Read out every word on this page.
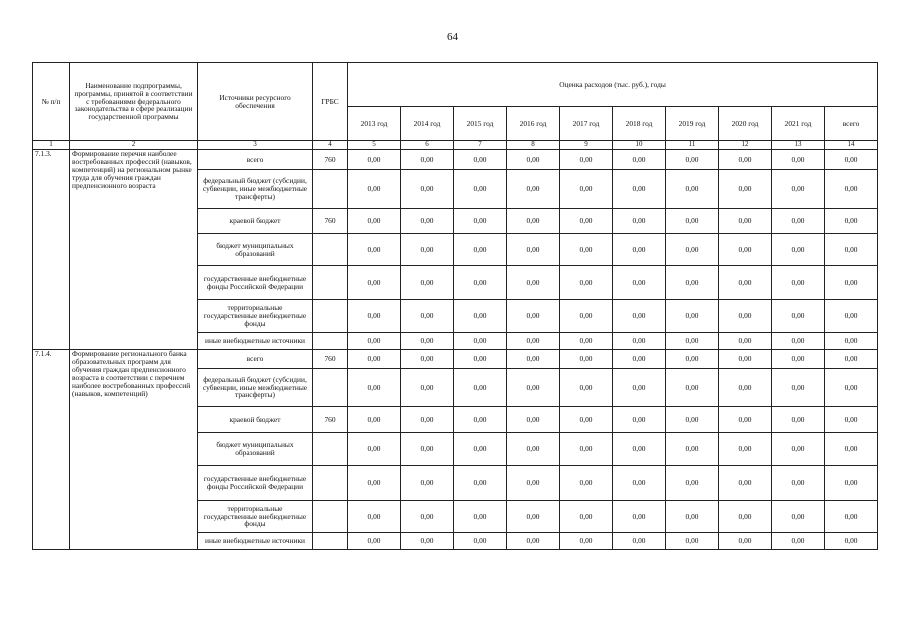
64
№ п/п	Наименование подпрограммы, программы, принятой в соответствии с требованиями федерального законодательства в сфере реализации государственной программы	Источники ресурсного обеспечения	ГРБС	Оценка расходов (тыс. руб.), годы									
				2013 год	2014 год	2015 год	2016 год	2017 год	2018 год	2019 год	2020 год	2021 год	всего
1	2	3	4	5	6	7	8	9	10	11	12	13	14
7.1.3.	Формирование перечня наиболее востребованных профессий (навыков, компетенций) на региональном рынке труда для обучения граждан предпенсионного возраста	всего	760	0,00	0,00	0,00	0,00	0,00	0,00	0,00	0,00	0,00	0,00
		федеральный бюджет (субсидии, субвенции, иные межбюджетные трансферты)		0,00	0,00	0,00	0,00	0,00	0,00	0,00	0,00	0,00	0,00
		краевой бюджет	760	0,00	0,00	0,00	0,00	0,00	0,00	0,00	0,00	0,00	0,00
		бюджет муниципальных образований		0,00	0,00	0,00	0,00	0,00	0,00	0,00	0,00	0,00	0,00
		государственные внебюджетные фонды Российской Федерации		0,00	0,00	0,00	0,00	0,00	0,00	0,00	0,00	0,00	0,00
		территориальные государственные внебюджетные фонды		0,00	0,00	0,00	0,00	0,00	0,00	0,00	0,00	0,00	0,00
		иные внебюджетные источники		0,00	0,00	0,00	0,00	0,00	0,00	0,00	0,00	0,00	0,00
7.1.4.	Формирование регионального банка образовательных программ для обучения граждан предпенсионного возраста в соответствии с перечнем наиболее востребованных профессий (навыков, компетенций)	всего	760	0,00	0,00	0,00	0,00	0,00	0,00	0,00	0,00	0,00	0,00
		федеральный бюджет (субсидии, субвенции, иные межбюджетные трансферты)		0,00	0,00	0,00	0,00	0,00	0,00	0,00	0,00	0,00	0,00
		краевой бюджет	760	0,00	0,00	0,00	0,00	0,00	0,00	0,00	0,00	0,00	0,00
		бюджет муниципальных образований		0,00	0,00	0,00	0,00	0,00	0,00	0,00	0,00	0,00	0,00
		государственные внебюджетные фонды Российской Федерации		0,00	0,00	0,00	0,00	0,00	0,00	0,00	0,00	0,00	0,00
		территориальные государственные внебюджетные фонды		0,00	0,00	0,00	0,00	0,00	0,00	0,00	0,00	0,00	0,00
		иные внебюджетные источники		0,00	0,00	0,00	0,00	0,00	0,00	0,00	0,00	0,00	0,00
